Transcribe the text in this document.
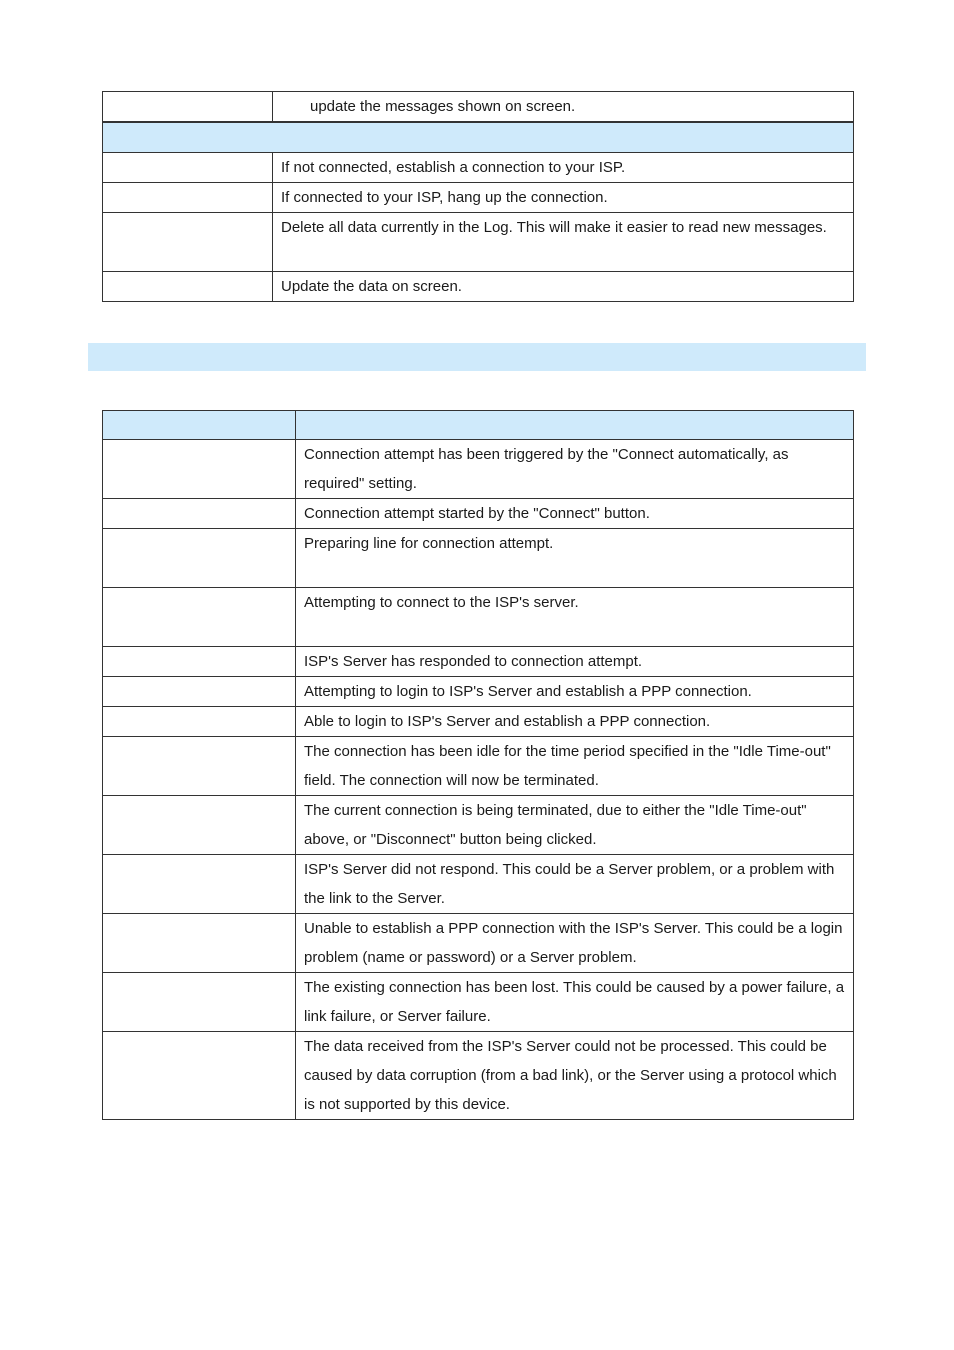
	update the messages shown on screen.

	If not connected, establish a connection to your ISP.
	If connected to your ISP, hang up the connection.
	Delete all data currently in the Log. This will make it easier to read new messages.
	Update the data on screen.

	Connection attempt has been triggered by the "Connect automatically, as required" setting.
	Connection attempt started by the "Connect" button.
	Preparing line for connection attempt.
	Attempting to connect to the ISP's server.
	ISP's Server has responded to connection attempt.
	Attempting to login to ISP's Server and establish a PPP connection.
	Able to login to ISP's Server and establish a PPP connection.
	The connection has been idle for the time period specified in the "Idle Time-out" field. The connection will now be terminated.
	The current connection is being terminated, due to either the "Idle Time-out" above, or "Disconnect" button being clicked.
	ISP's Server did not respond. This could be a Server problem, or a problem with the link to the Server.
	Unable to establish a PPP connection with the ISP's Server. This could be a login problem (name or password) or a Server problem.
	The existing connection has been lost. This could be caused by a power failure, a link failure, or Server failure.
	The data received from the ISP's Server could not be processed. This could be caused by data corruption (from a bad link), or the Server using a protocol which is not supported by this device.
